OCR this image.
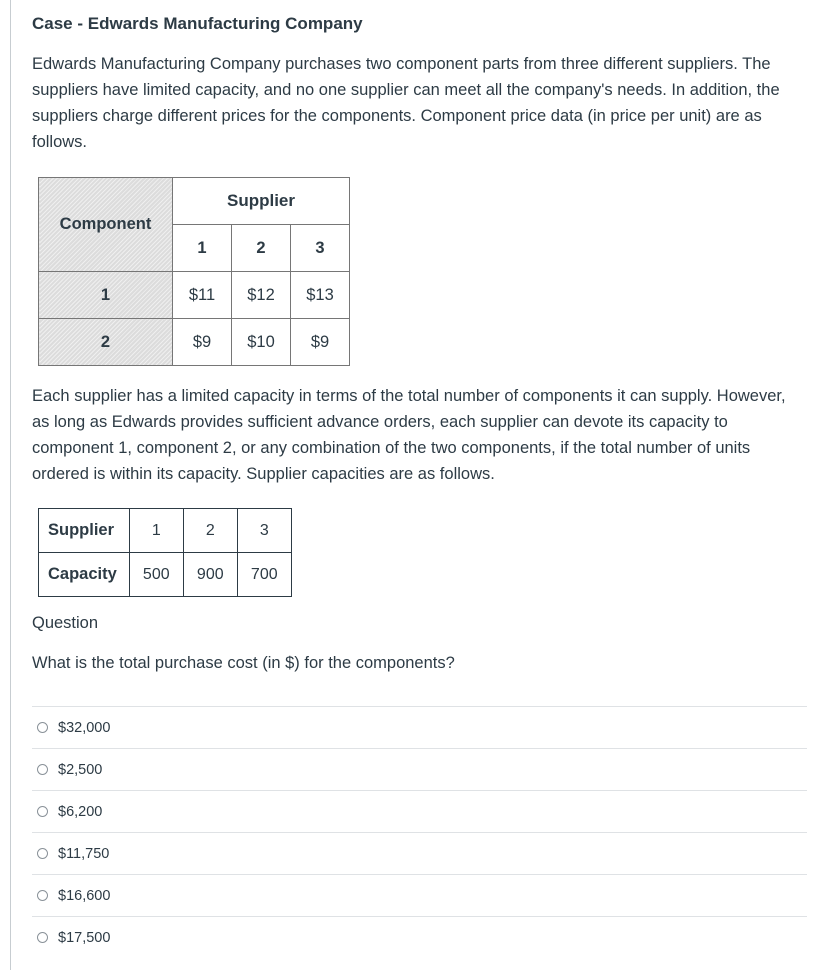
Case - Edwards Manufacturing Company

Edwards Manufacturing Company purchases two component parts from three different suppliers. The suppliers have limited capacity, and no one supplier can meet all the company's needs. In addition, the suppliers charge different prices for the components. Component price data (in price per unit) are as follows.

Component	Supplier		
	1	2	3
1	$11	$12	$13
2	$9	$10	$9

Each supplier has a limited capacity in terms of the total number of components it can supply. However, as long as Edwards provides sufficient advance orders, each supplier can devote its capacity to component 1, component 2, or any combination of the two components, if the total number of units ordered is within its capacity. Supplier capacities are as follows.

Supplier	1	2	3
Capacity	500	900	700
Question
What is the total purchase cost (in $) for the components?
$32,000
$2,500
$6,200
$11,750
$16,600
$17,500
